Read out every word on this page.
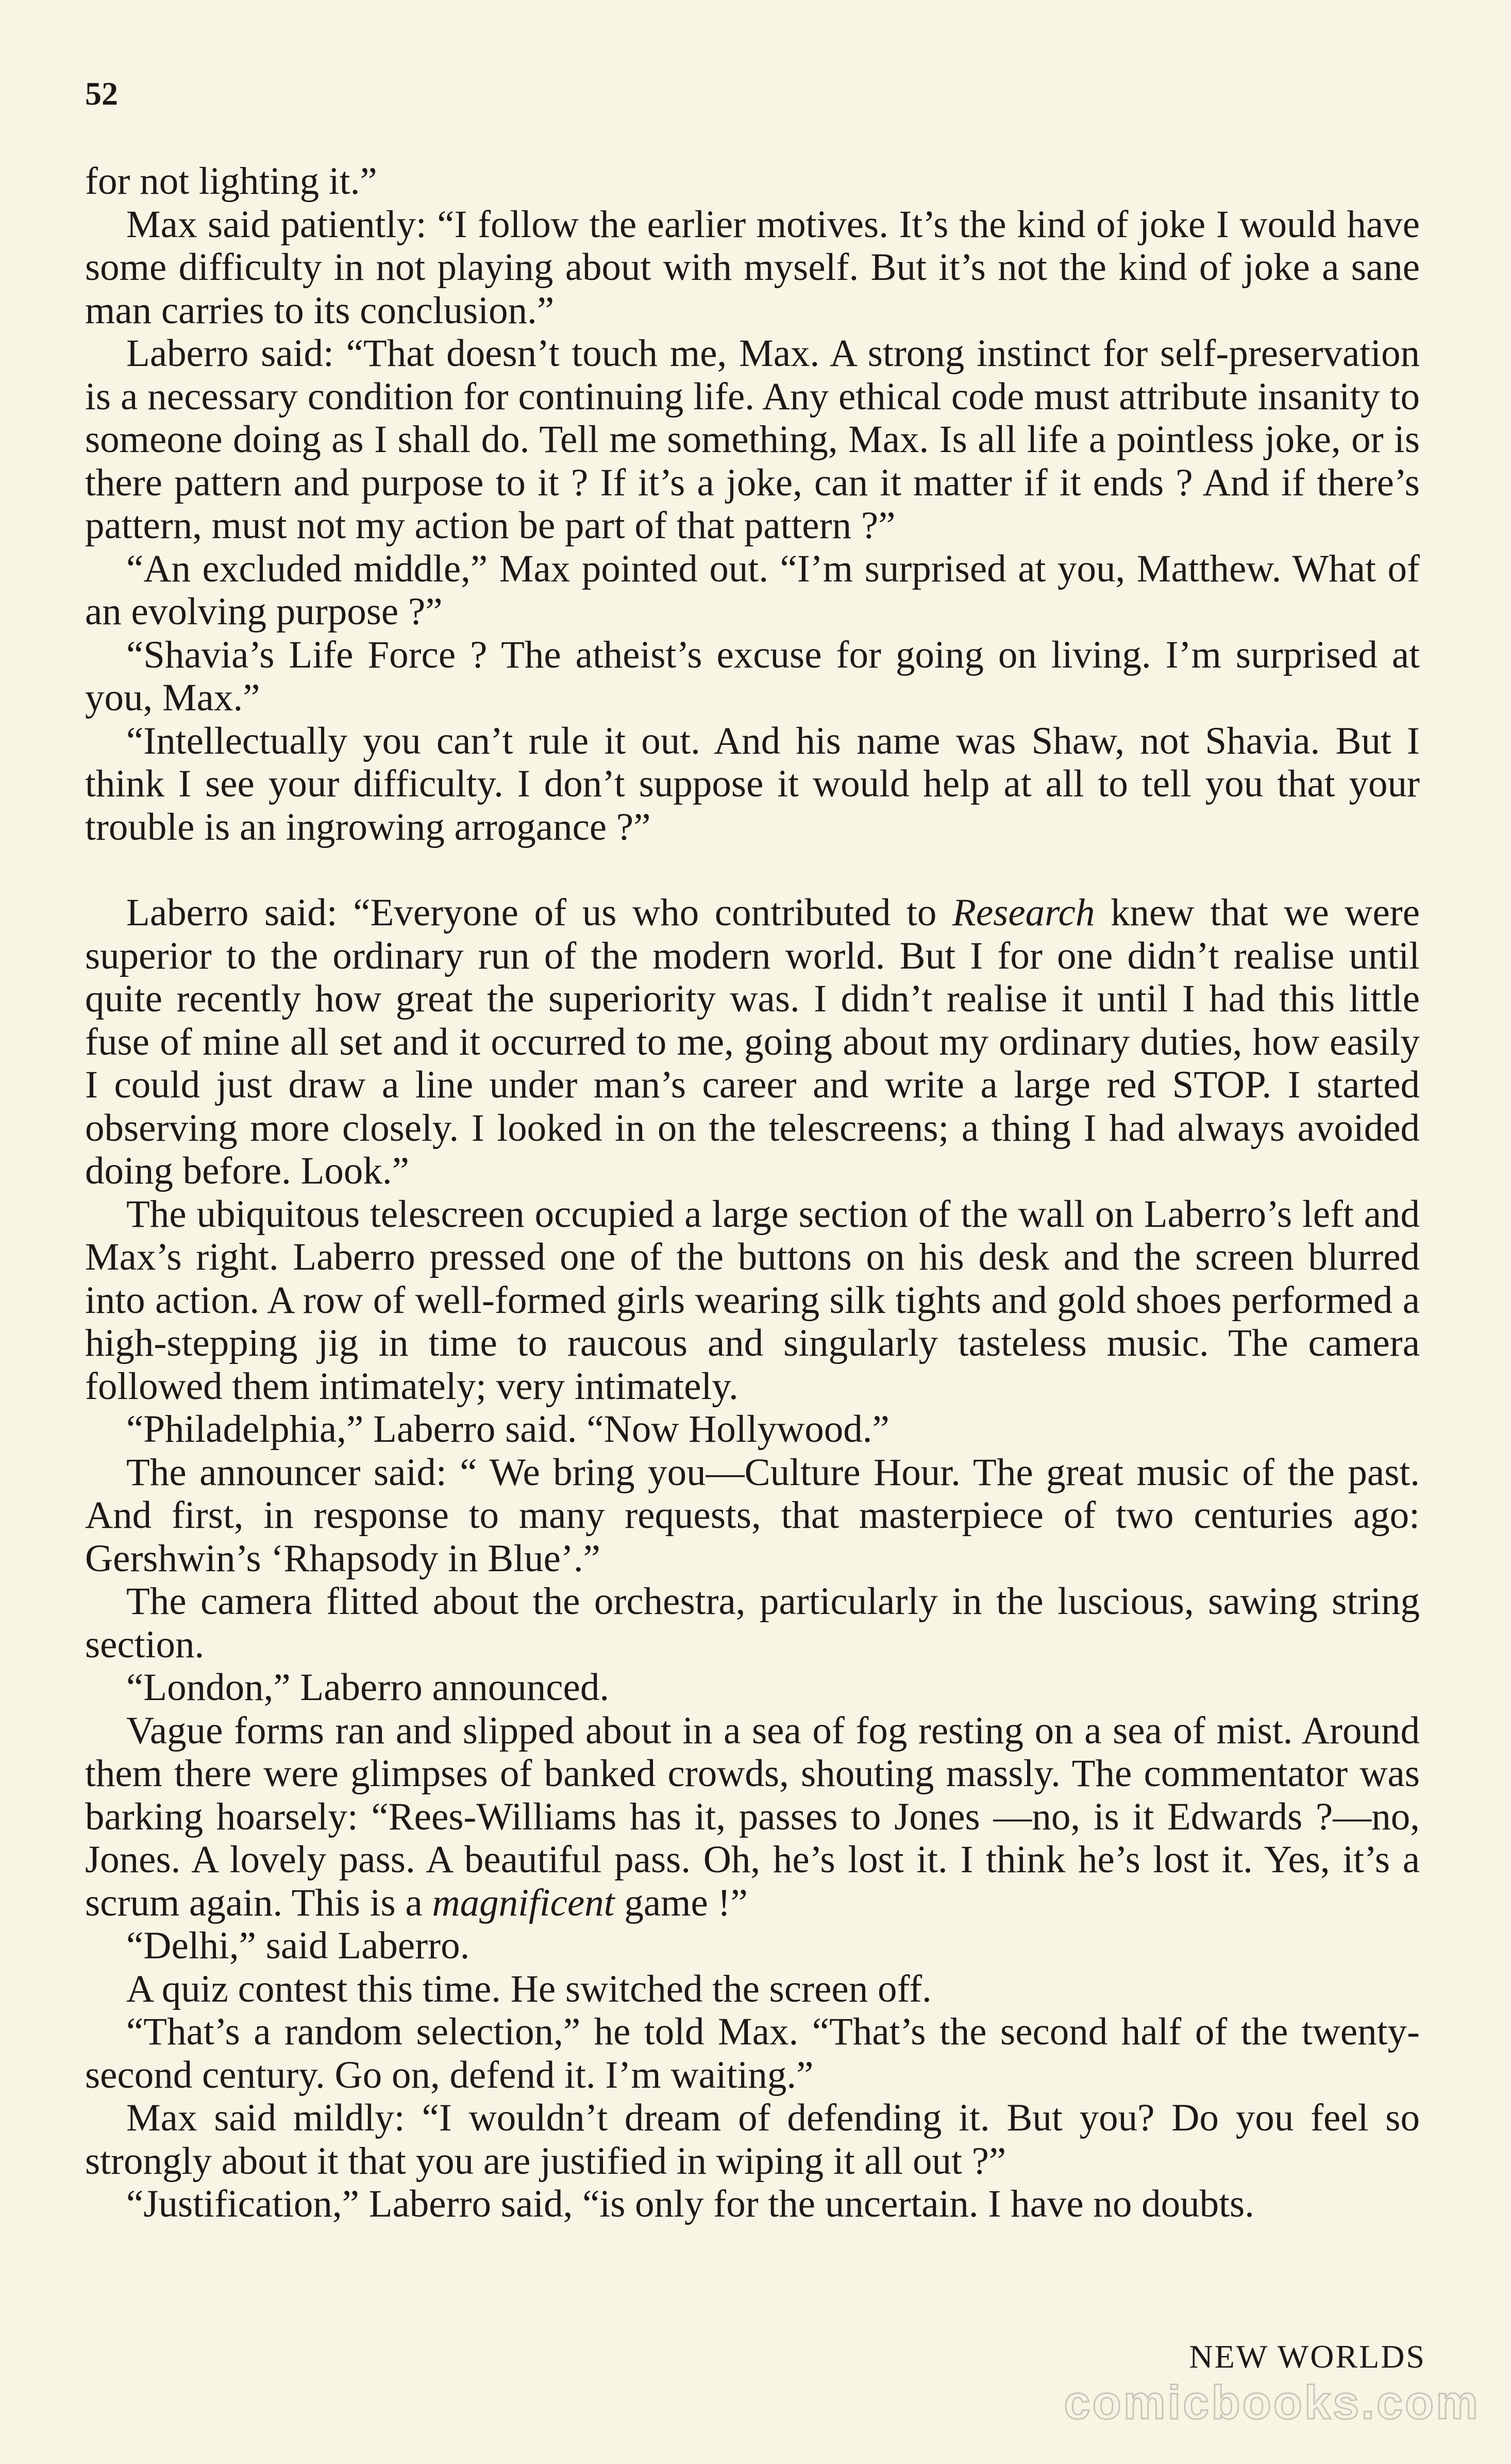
52

for not lighting it.”

Max said patiently: “I follow the earlier motives. It’s the kind of joke I would have some difficulty in not playing about with myself. But it’s not the kind of joke a sane man carries to its conclusion.”

Laberro said: “That doesn’t touch me, Max. A strong instinct for self-preservation is a necessary condition for continuing life. Any ethical code must attribute insanity to someone doing as I shall do. Tell me something, Max. Is all life a pointless joke, or is there pattern and purpose to it ? If it’s a joke, can it matter if it ends ? And if there’s pattern, must not my action be part of that pattern ?”

“An excluded middle,” Max pointed out. “I’m surprised at you, Matthew. What of an evolving purpose ?”

“Shavia’s Life Force ? The atheist’s excuse for going on living. I’m surprised at you, Max.”

“Intellectually you can’t rule it out. And his name was Shaw, not Shavia. But I think I see your difficulty. I don’t suppose it would help at all to tell you that your trouble is an ingrowing arrogance ?”

Laberro said: “Everyone of us who contributed to Research knew that we were superior to the ordinary run of the modern world. But I for one didn’t realise until quite recently how great the superiority was. I didn’t realise it until I had this little fuse of mine all set and it occurred to me, going about my ordinary duties, how easily I could just draw a line under man’s career and write a large red STOP. I started observing more closely. I looked in on the telescreens; a thing I had always avoided doing before. Look.”

The ubiquitous telescreen occupied a large section of the wall on Laberro’s left and Max’s right. Laberro pressed one of the buttons on his desk and the screen blurred into action. A row of well-formed girls wearing silk tights and gold shoes performed a high-stepping jig in time to raucous and singularly tasteless music. The camera followed them intimately; very intimately.

“Philadelphia,” Laberro said. “Now Hollywood.”

The announcer said: “ We bring you—Culture Hour. The great music of the past. And first, in response to many requests, that masterpiece of two centuries ago: Gershwin’s ‘Rhapsody in Blue’.”

The camera flitted about the orchestra, particularly in the luscious, sawing string section.

“London,” Laberro announced.

Vague forms ran and slipped about in a sea of fog resting on a sea of mist. Around them there were glimpses of banked crowds, shouting massly. The commentator was barking hoarsely: “Rees-Williams has it, passes to Jones —no, is it Edwards ?—no, Jones. A lovely pass. A beautiful pass. Oh, he’s lost it. I think he’s lost it. Yes, it’s a scrum again. This is a magnificent game !”

“Delhi,” said Laberro.

A quiz contest this time. He switched the screen off.

“That’s a random selection,” he told Max. “That’s the second half of the twenty-second century. Go on, defend it. I’m waiting.”

Max said mildly: “I wouldn’t dream of defending it. But you? Do you feel so strongly about it that you are justified in wiping it all out ?”

“Justification,” Laberro said, “is only for the uncertain. I have no doubts.

NEW WORLDS
comicbooks.com
